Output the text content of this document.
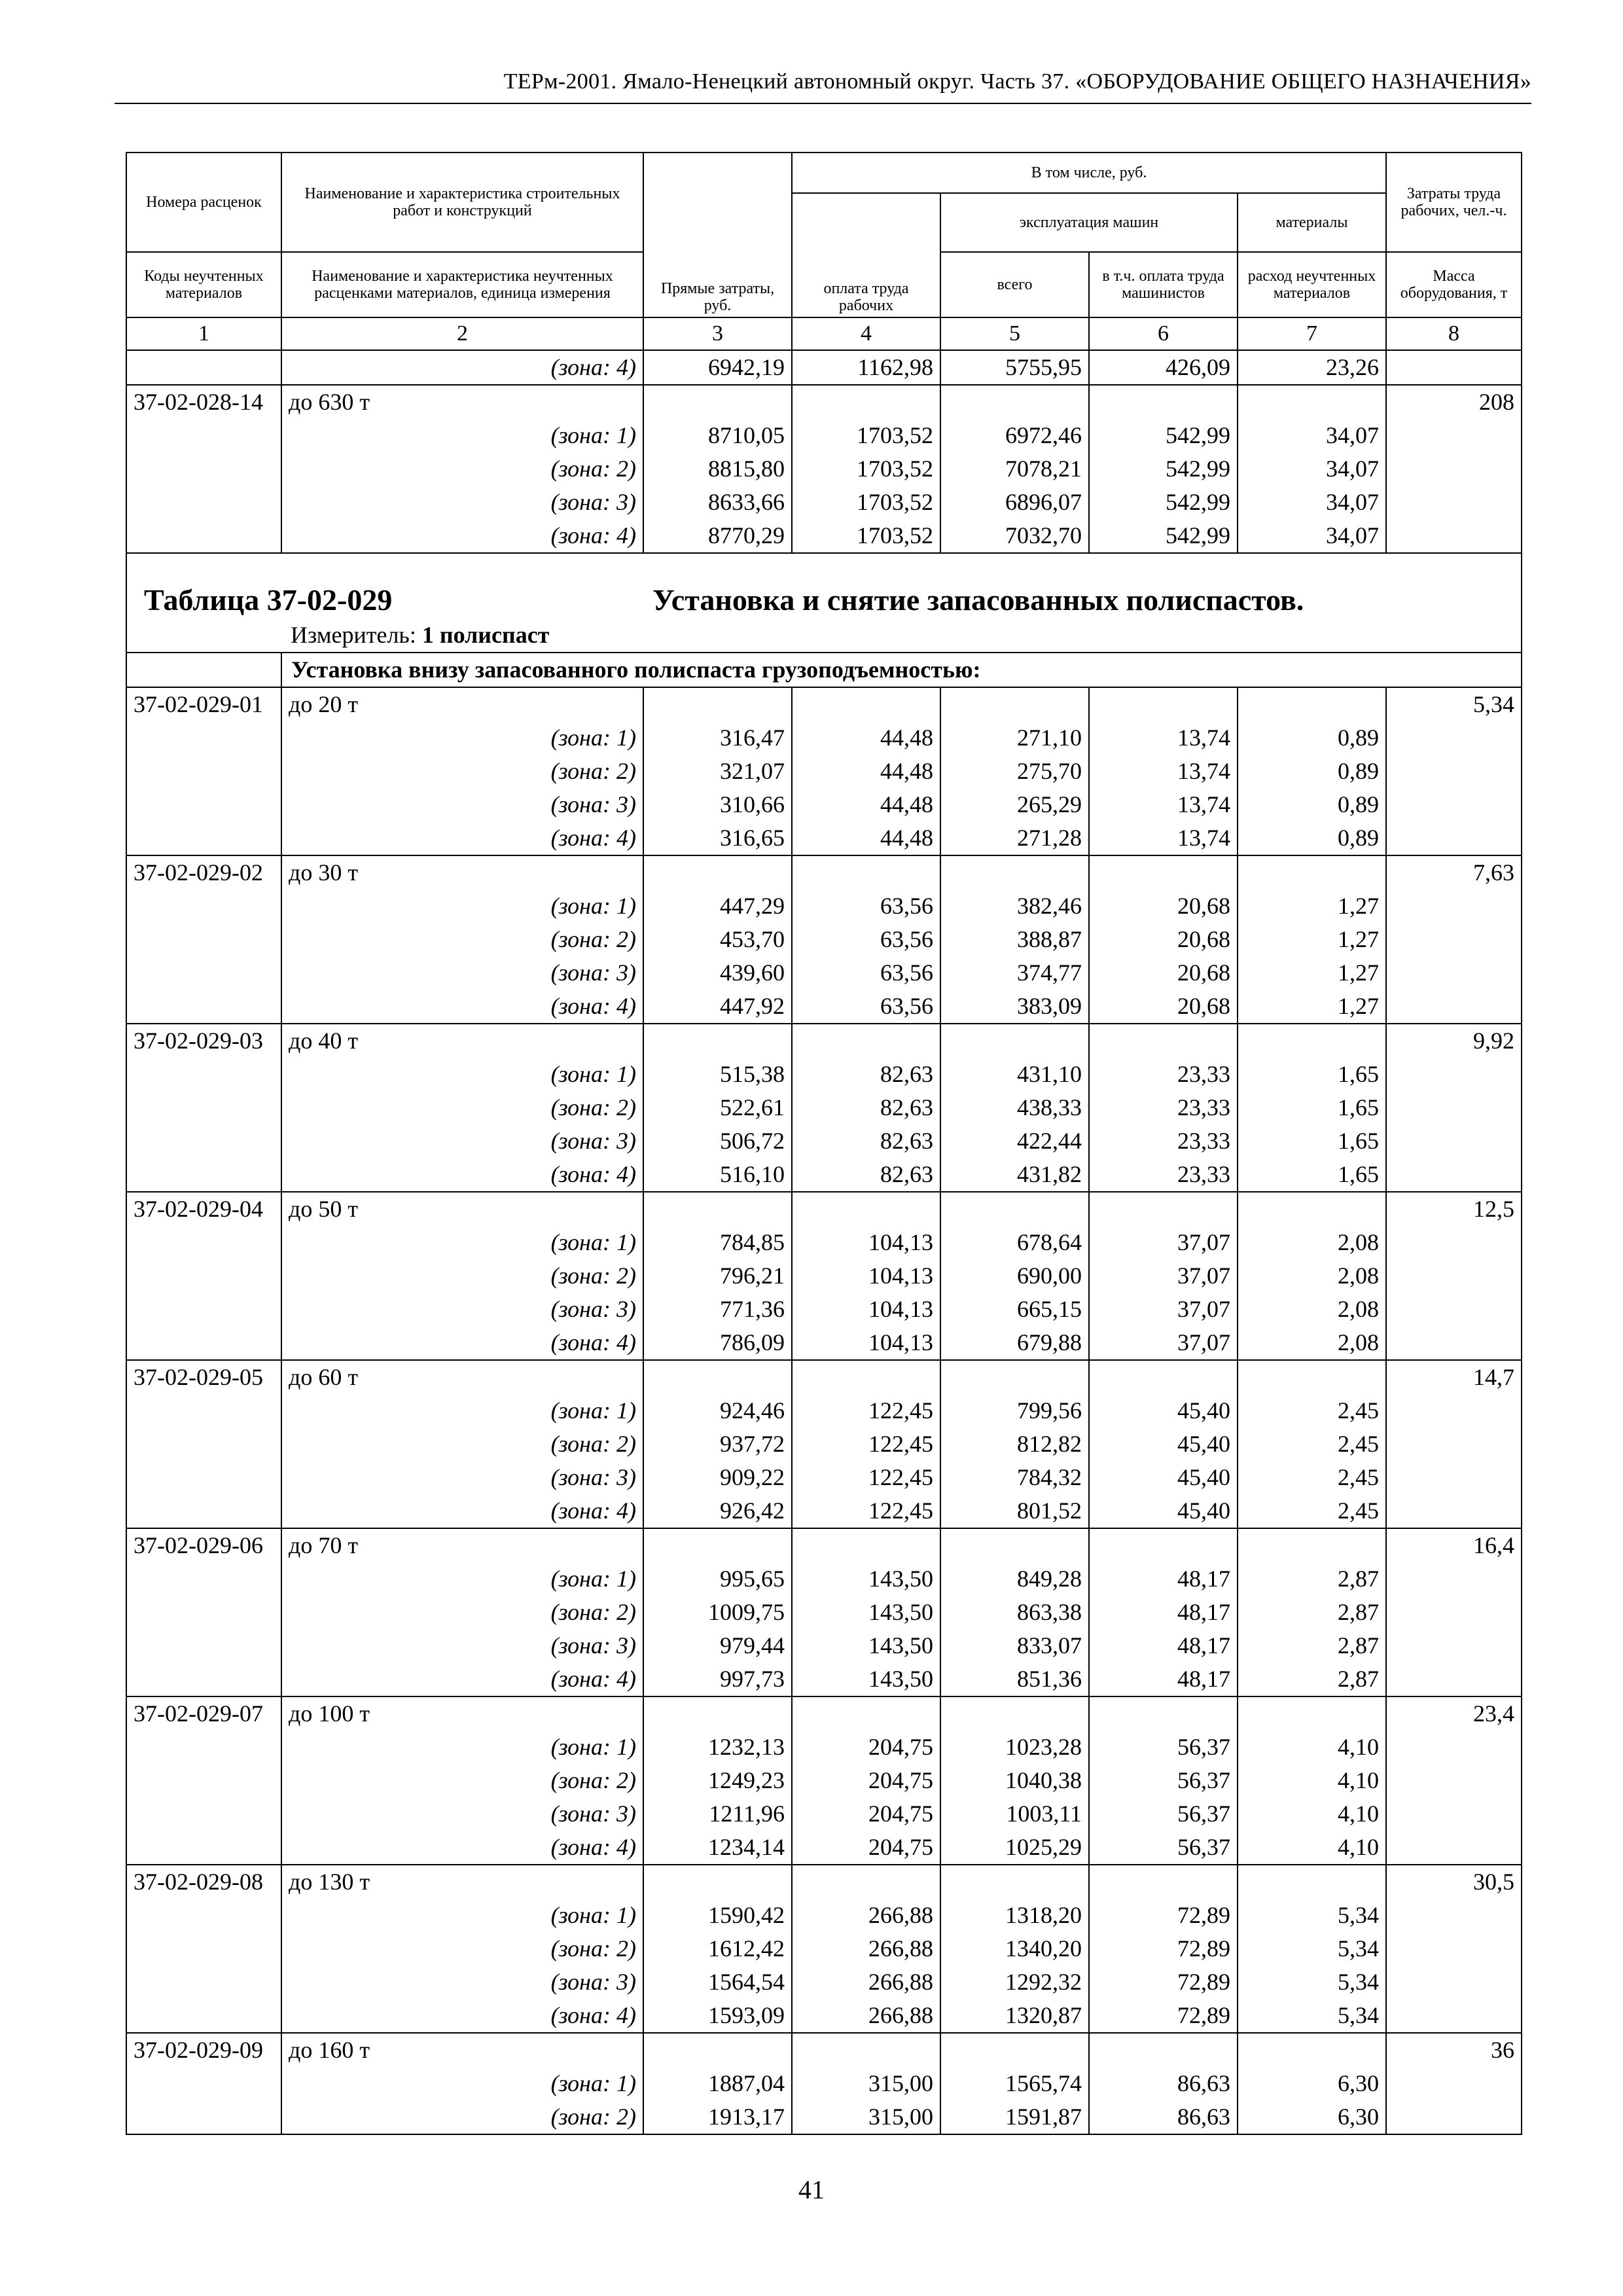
ТЕРм-2001. Ямало-Ненецкий автономный округ. Часть 37. «ОБОРУДОВАНИЕ ОБЩЕГО НАЗНАЧЕНИЯ»
Номера расценок	Наименование и характеристика строительных работ и конструкций	Прямые затраты, руб.	В том числе, руб.				Затраты труда рабочих, чел.-ч.
			оплата труда рабочих	эксплуатация машин		материалы	
Коды неучтенных материалов	Наименование и характеристика неучтенных расценками материалов, единица измерения			всего	в т.ч. оплата труда машинистов	расход неучтенных материалов	Масса оборудования, т
1	2	3	4	5	6	7	8
	(зона: 4)	6942,19	1162,98	5755,95	426,09	23,26	
37-02-028-14	до 630 т						208
	(зона: 1)	8710,05	1703,52	6972,46	542,99	34,07	
	(зона: 2)	8815,80	1703,52	7078,21	542,99	34,07	
	(зона: 3)	8633,66	1703,52	6896,07	542,99	34,07	
	(зона: 4)	8770,29	1703,52	7032,70	542,99	34,07	

Таблица 37-02-029 Установка и снятие запасованных полиспастов.
Измеритель: 1 полиспаст							

	Установка внизу запасованного полиспаста грузоподъемностью:						
37-02-029-01	до 20 т						5,34
	(зона: 1)	316,47	44,48	271,10	13,74	0,89	
	(зона: 2)	321,07	44,48	275,70	13,74	0,89	
	(зона: 3)	310,66	44,48	265,29	13,74	0,89	
	(зона: 4)	316,65	44,48	271,28	13,74	0,89	
37-02-029-02	до 30 т						7,63
	(зона: 1)	447,29	63,56	382,46	20,68	1,27	
	(зона: 2)	453,70	63,56	388,87	20,68	1,27	
	(зона: 3)	439,60	63,56	374,77	20,68	1,27	
	(зона: 4)	447,92	63,56	383,09	20,68	1,27	
37-02-029-03	до 40 т						9,92
	(зона: 1)	515,38	82,63	431,10	23,33	1,65	
	(зона: 2)	522,61	82,63	438,33	23,33	1,65	
	(зона: 3)	506,72	82,63	422,44	23,33	1,65	
	(зона: 4)	516,10	82,63	431,82	23,33	1,65	
37-02-029-04	до 50 т						12,5
	(зона: 1)	784,85	104,13	678,64	37,07	2,08	
	(зона: 2)	796,21	104,13	690,00	37,07	2,08	
	(зона: 3)	771,36	104,13	665,15	37,07	2,08	
	(зона: 4)	786,09	104,13	679,88	37,07	2,08	
37-02-029-05	до 60 т						14,7
	(зона: 1)	924,46	122,45	799,56	45,40	2,45	
	(зона: 2)	937,72	122,45	812,82	45,40	2,45	
	(зона: 3)	909,22	122,45	784,32	45,40	2,45	
	(зона: 4)	926,42	122,45	801,52	45,40	2,45	
37-02-029-06	до 70 т						16,4
	(зона: 1)	995,65	143,50	849,28	48,17	2,87	
	(зона: 2)	1009,75	143,50	863,38	48,17	2,87	
	(зона: 3)	979,44	143,50	833,07	48,17	2,87	
	(зона: 4)	997,73	143,50	851,36	48,17	2,87	
37-02-029-07	до 100 т						23,4
	(зона: 1)	1232,13	204,75	1023,28	56,37	4,10	
	(зона: 2)	1249,23	204,75	1040,38	56,37	4,10	
	(зона: 3)	1211,96	204,75	1003,11	56,37	4,10	
	(зона: 4)	1234,14	204,75	1025,29	56,37	4,10	
37-02-029-08	до 130 т						30,5
	(зона: 1)	1590,42	266,88	1318,20	72,89	5,34	
	(зона: 2)	1612,42	266,88	1340,20	72,89	5,34	
	(зона: 3)	1564,54	266,88	1292,32	72,89	5,34	
	(зона: 4)	1593,09	266,88	1320,87	72,89	5,34	
37-02-029-09	до 160 т						36
	(зона: 1)	1887,04	315,00	1565,74	86,63	6,30	
	(зона: 2)	1913,17	315,00	1591,87	86,63	6,30	
41
